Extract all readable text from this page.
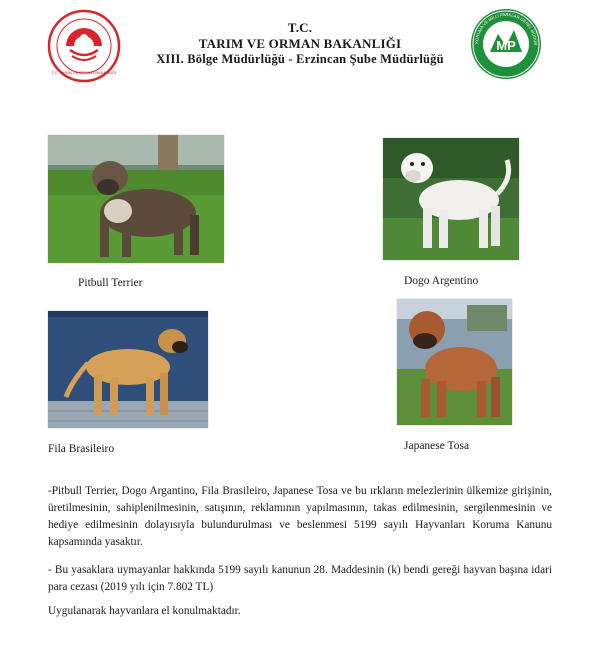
T.C. TARIM VE ORMAN BAKANLIĞI
MP
KORUMA VE MİLLİ PARKLAR GENEL MÜDÜR
T.C.
TARIM VE ORMAN BAKANLIĞI
XIII. Bölge Müdürlüğü - Erzincan Şube Müdürlüğü
Pitbull Terrier	Dogo Argentino
Fila Brasileiro	Japanese Tosa
-Pitbull Terrier, Dogo Argantino, Fila Brasileiro, Japanese Tosa ve bu ırkların melezlerinin ülkemize girişinin, üretilmesinin, sahiplenilmesinin, satışının, reklamının yapılmasının, takas edilmesinin, sergilenmesinin ve hediye edilmesinin dolayısıyla bulundurulması ve beslenmesi 5199 sayılı Hayvanları Koruma Kanunu kapsamında yasaktır.
- Bu yasaklara uymayanlar hakkında 5199 sayılı kanunun 28. Maddesinin (k) bendi gereği hayvan başına idari para cezası (2019 yılı için 7.802 TL)
Uygulanarak hayvanlara el konulmaktadır.
